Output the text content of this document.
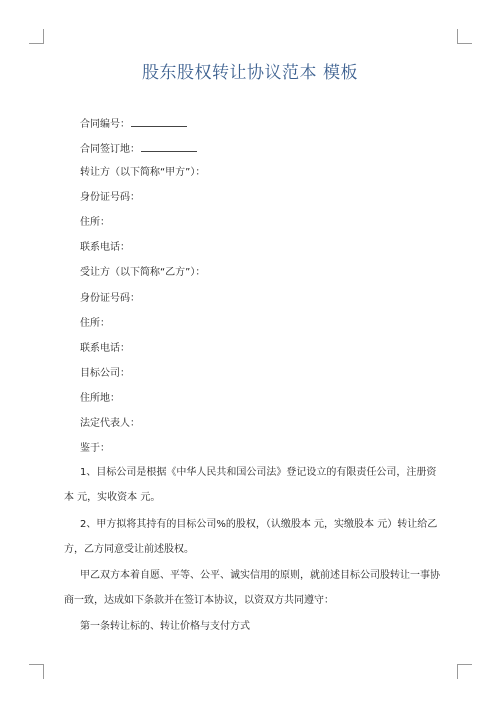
股东股权转让协议范本 模板
合同编号：
合同签订地：
转让方（以下简称“甲方”）：
身份证号码：
住所：
联系电话：
受让方（以下简称“乙方”）：
身份证号码：
住所：
联系电话：
目标公司：
住所地：
法定代表人：
鉴于：
1、目标公司是根据《中华人民共和国公司法》登记设立的有限责任公司，注册资本 元，实收资本 元。
2、甲方拟将其持有的目标公司%的股权，（认缴股本 元，实缴股本 元）转让给乙方，乙方同意受让前述股权。
甲乙双方本着自愿、平等、公平、诚实信用的原则，就前述目标公司股转让一事协商一致，达成如下条款并在签订本协议，以资双方共同遵守：
第一条转让标的、转让价格与支付方式
